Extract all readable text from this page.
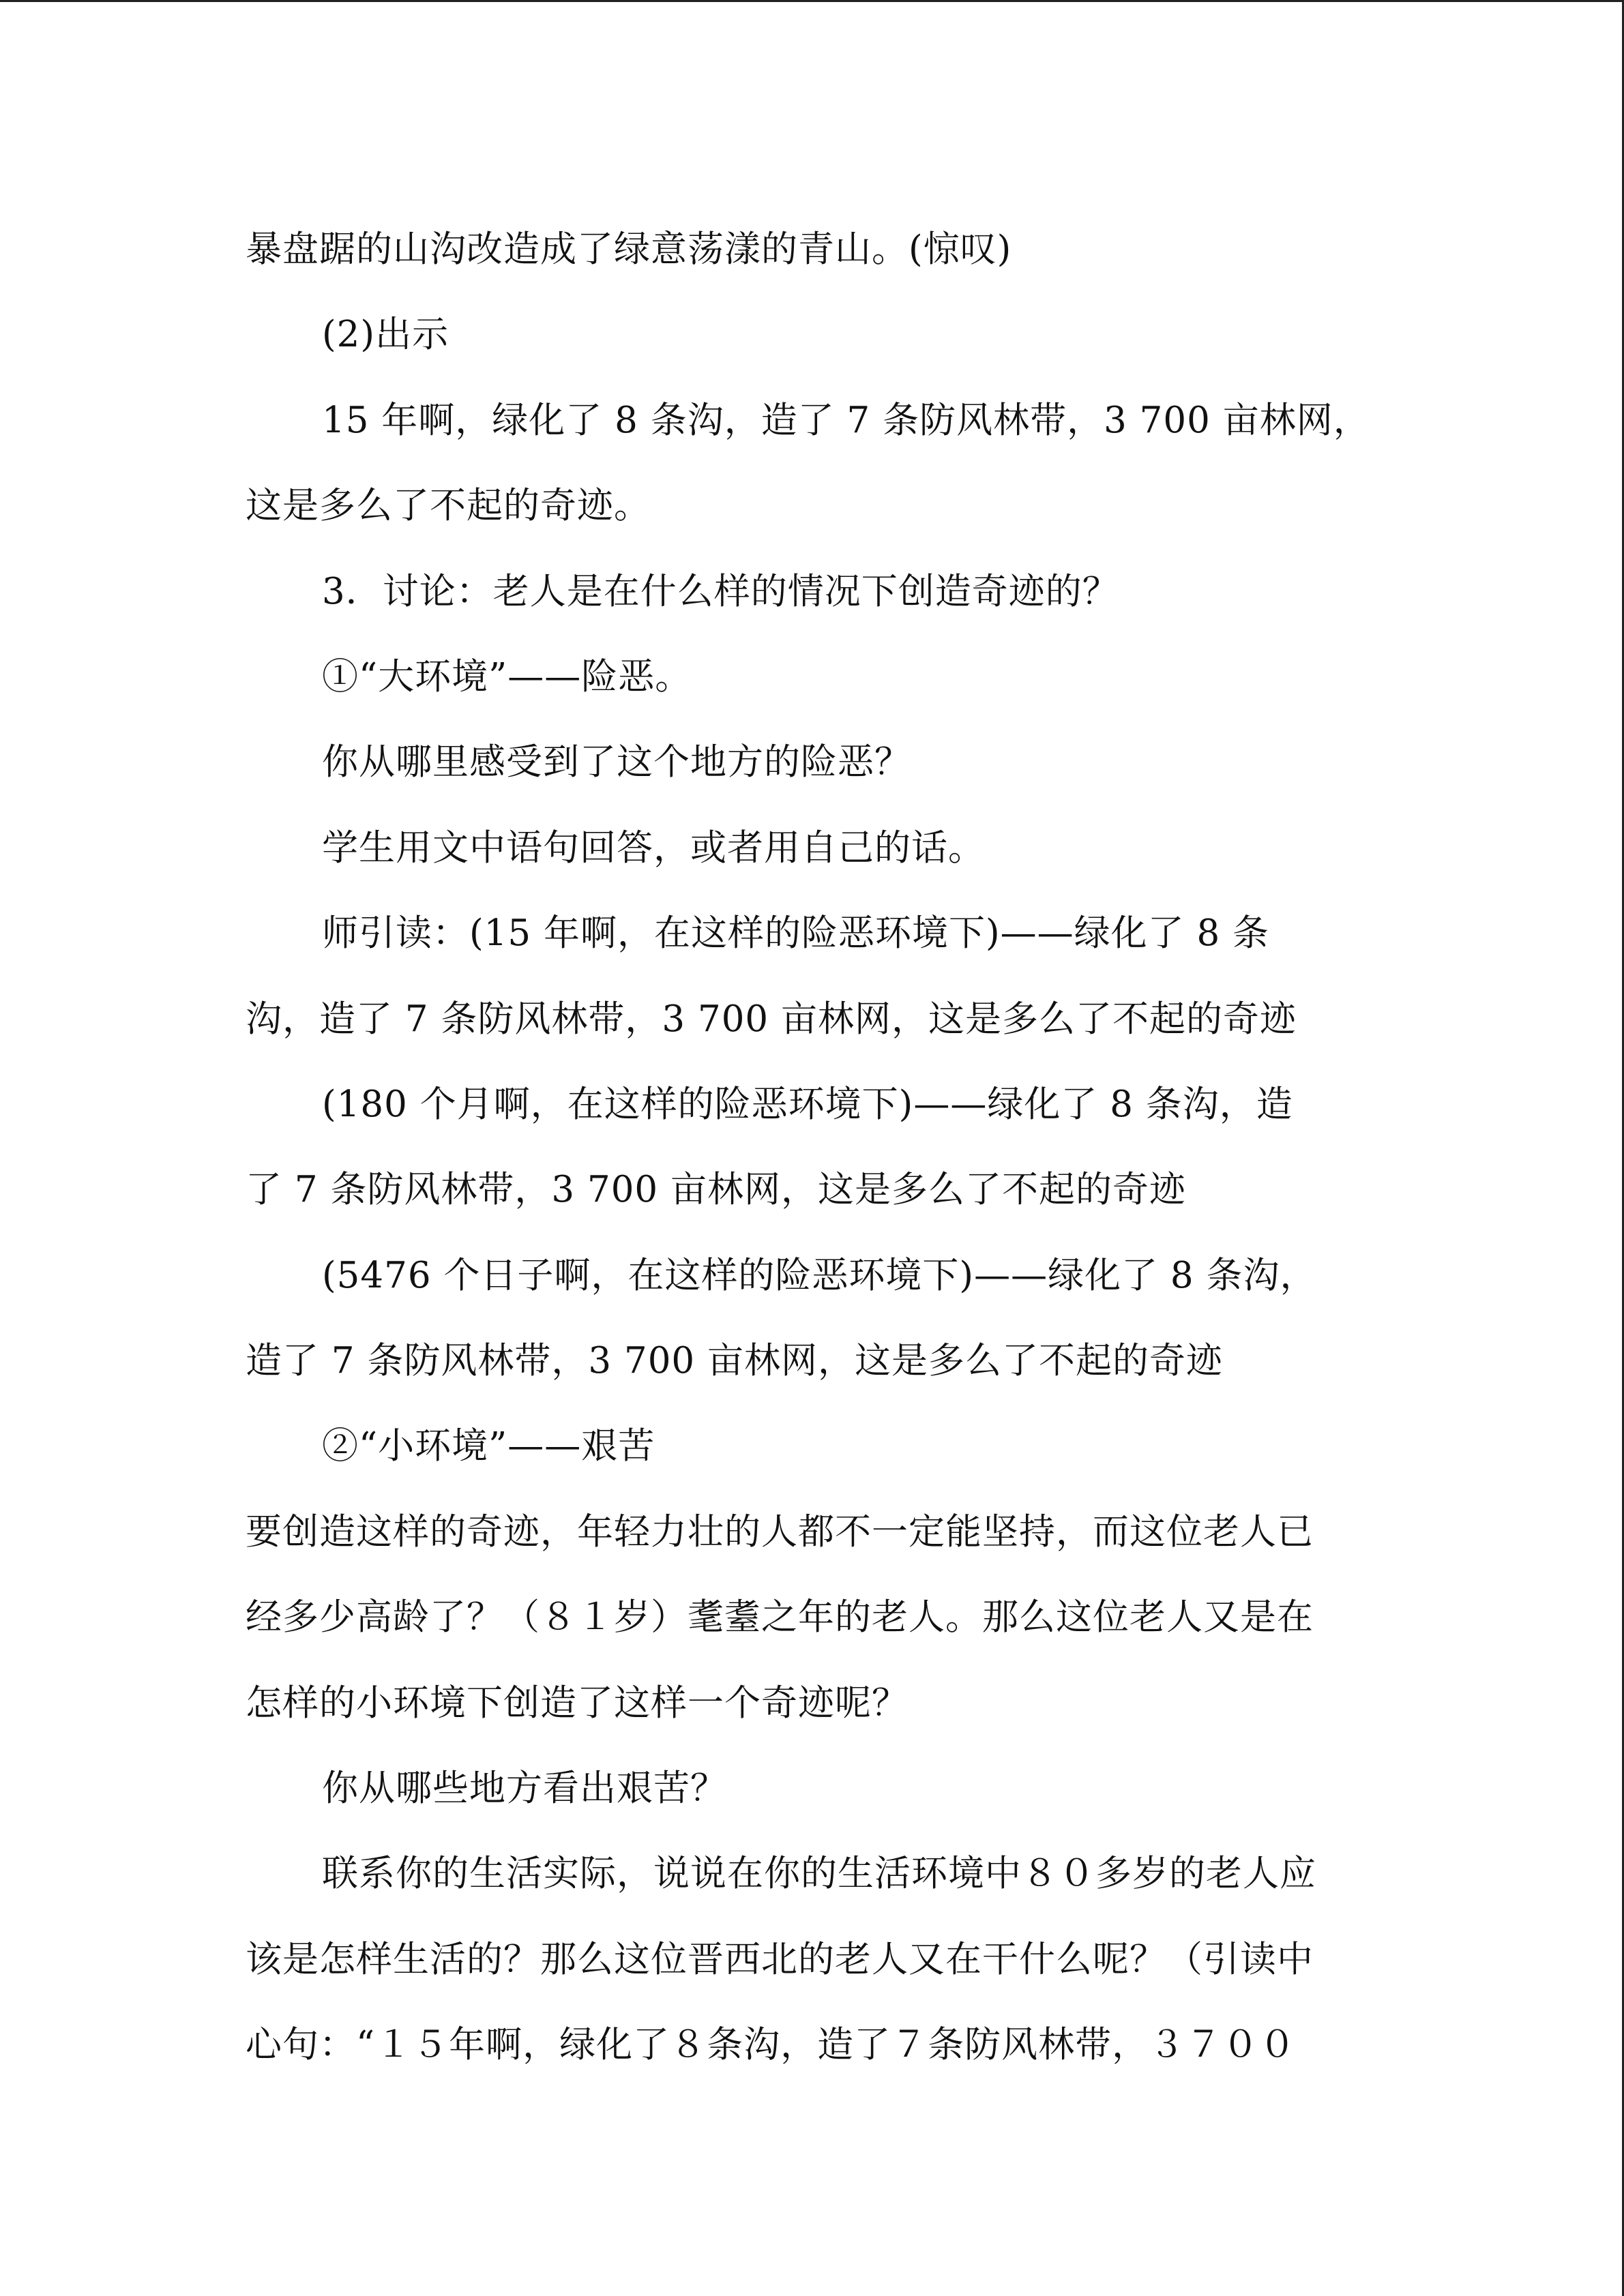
暴盘踞的山沟改造成了绿意荡漾的青山。(惊叹)
(2)出示
15 年啊，绿化了 8 条沟，造了 7 条防风林带，3 700 亩林网，
这是多么了不起的奇迹。
3．讨论：老人是在什么样的情况下创造奇迹的？
①“大环境”——险恶。
你从哪里感受到了这个地方的险恶？
学生用文中语句回答，或者用自己的话。
师引读：(15 年啊，在这样的险恶环境下)——绿化了 8 条
沟，造了 7 条防风林带，3 700 亩林网，这是多么了不起的奇迹
(180 个月啊，在这样的险恶环境下)——绿化了 8 条沟，造
了 7 条防风林带，3 700 亩林网，这是多么了不起的奇迹
(5476 个日子啊，在这样的险恶环境下)——绿化了 8 条沟，
造了 7 条防风林带，3 700 亩林网，这是多么了不起的奇迹
②“小环境”——艰苦
要创造这样的奇迹，年轻力壮的人都不一定能坚持，而这位老人已
经多少高龄了？（８１岁）耄耋之年的老人。那么这位老人又是在
怎样的小环境下创造了这样一个奇迹呢？
你从哪些地方看出艰苦？
联系你的生活实际，说说在你的生活环境中８０多岁的老人应
该是怎样生活的？那么这位晋西北的老人又在干什么呢？（引读中
心句：“１５年啊，绿化了８条沟，造了７条防风林带，３７００
